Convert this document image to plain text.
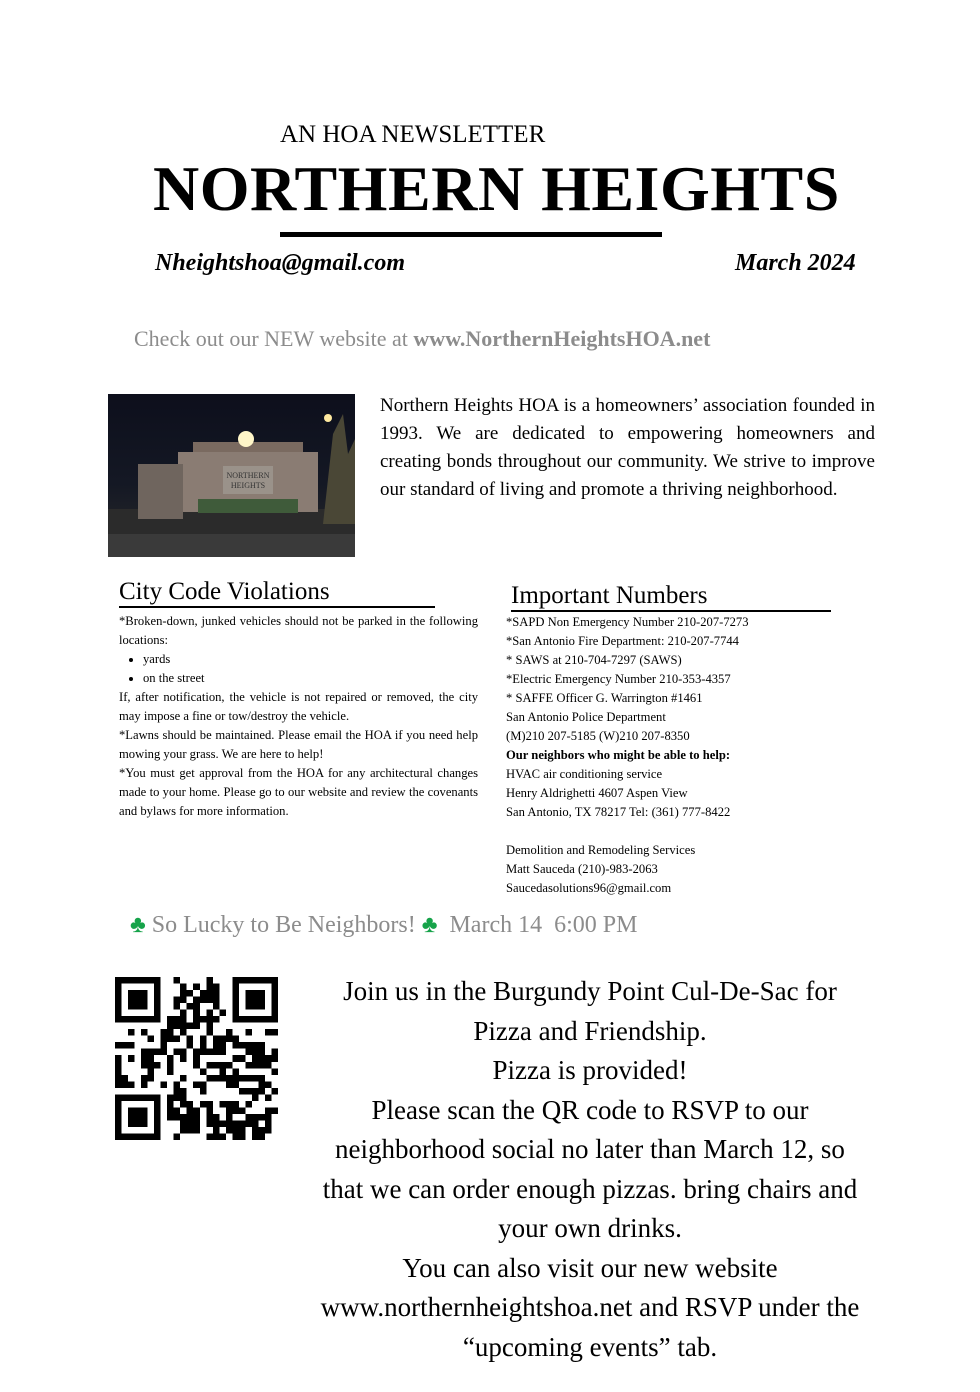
AN HOA NEWSLETTER
NORTHERN HEIGHTS
Nheightshoa@gmail.com	March 2024
Check out our NEW website at www.NorthernHeightsHOA.net
NORTHERN
HEIGHTS
Northern Heights HOA is a homeowners’ association founded in 1993. We are dedicated to empowering homeowners and creating bonds throughout our community. We strive to improve our standard of living and promote a thriving neighborhood.
City Code Violations

*Broken-down, junked vehicles should not be parked in the following locations:

• yards
• on the street

If, after notification, the vehicle is not repaired or removed, the city may impose a fine or tow/destroy the vehicle.

*Lawns should be maintained. Please email the HOA if you need help mowing your grass. We are here to help!

*You must get approval from the HOA for any architectural changes made to your home. Please go to our website and review the covenants and bylaws for more information.

Important Numbers
*SAPD Non Emergency Number 210-207-7273
*San Antonio Fire Department: 210-207-7744
* SAWS at 210-704-7297 (SAWS)
*Electric Emergency Number 210-353-4357
* SAFFE Officer G. Warrington #1461
San Antonio Police Department
(M)210 207-5185 (W)210 207-8350
Our neighbors who might be able to help:
HVAC air conditioning service
Henry Aldrighetti 4607 Aspen View
San Antonio, TX 78217 Tel: (361) 777-8422
Demolition and Remodeling Services
Matt Sauceda (210)-983-2063
Saucedasolutions96@gmail.com
♣ So Lucky to Be Neighbors! ♣ March 14  6:00 PM
Join us in the Burgundy Point Cul-De-Sac for
Pizza and Friendship.
Pizza is provided!
Please scan the QR code to RSVP to our
neighborhood social no later than March 12, so
that we can order enough pizzas. bring chairs and
your own drinks.
You can also visit our new website
www.northernheightshoa.net and RSVP under the
“upcoming events” tab.
